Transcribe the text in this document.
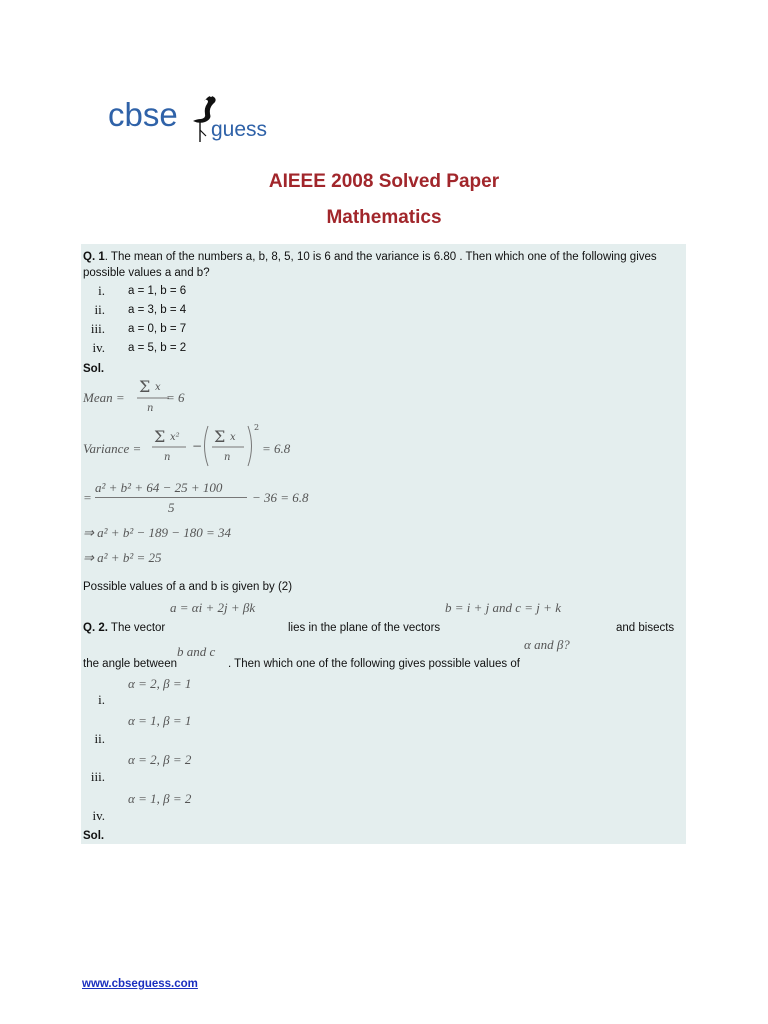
cbse guess
AIEEE 2008 Solved Paper
Mathematics
Q. 1. The mean of the numbers a, b, 8, 5, 10 is 6 and the variance is 6.80 . Then which one of the following gives
possible values a and b?
i. a = 1, b = 6
ii. a = 3, b = 4
iii. a = 0, b = 7
iv. a = 5, b = 2
Sol.
Mean =
Σ x
n
= 6
Variance =
Σ x²
n
− Σ x
n
2
= 6.8
=
a² + b² + 64 − 25 + 100
5
− 36 = 6.8
⇒ a² + b² − 189 − 180 = 34
⇒ a² + b² = 25
Possible values of a and b is given by (2)
a = αi + 2j + βk	b = i + j and c = j + k
Q. 2. The vector	lies in the plane of the vectors
α and β?
and bisects
b and c
the angle between	. Then which one of the following gives possible values of
α = 2, β = 1
i.
α = 1, β = 1
ii.
α = 2, β = 2
iii.
α = 1, β = 2
iv.
Sol.
www.cbseguess.com
